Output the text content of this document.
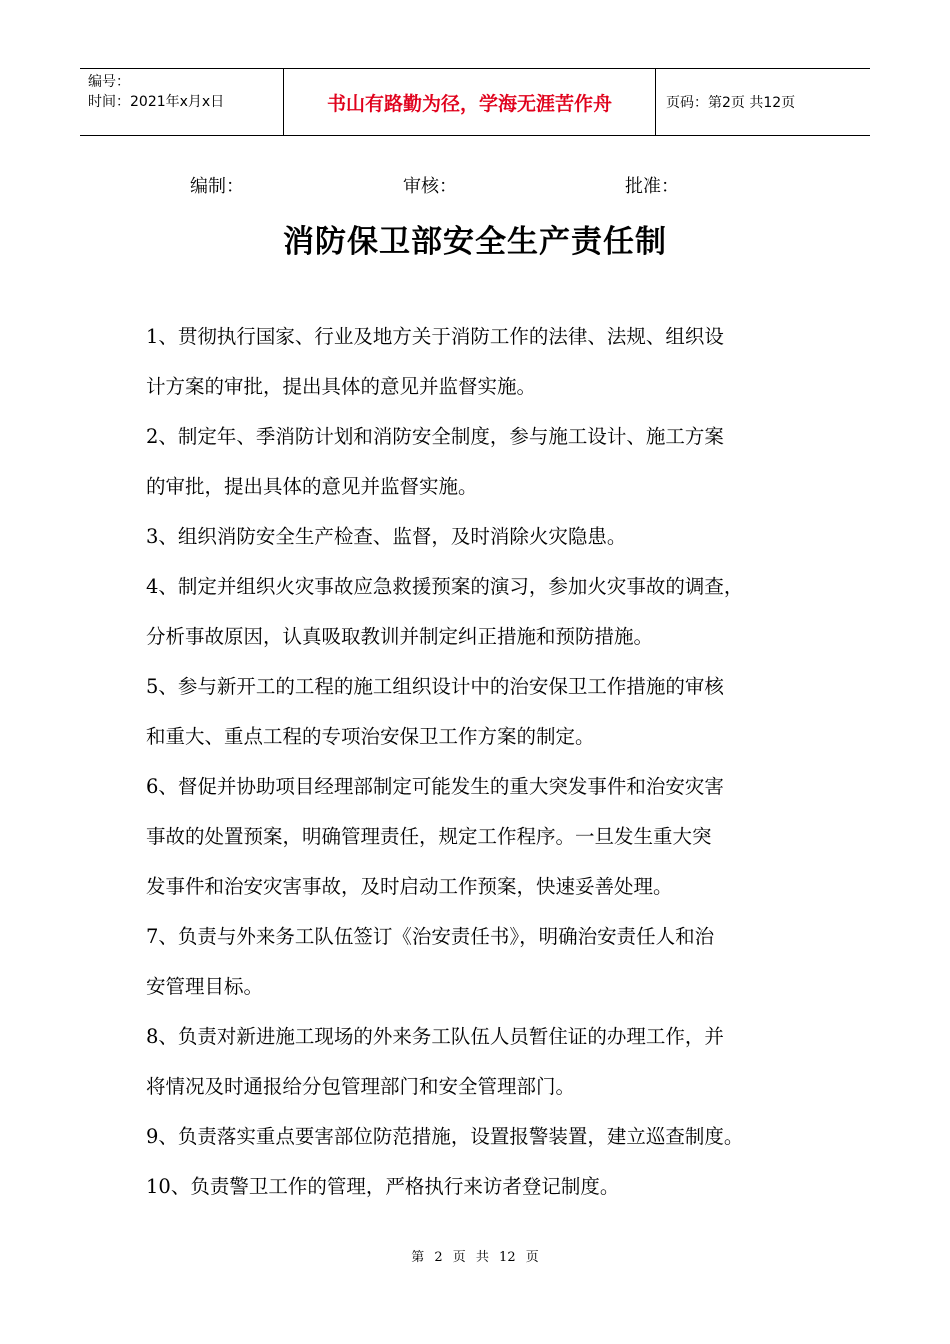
编号：
时间：2021年x月x日	书山有路勤为径，学海无涯苦作舟	页码：第2页 共12页
编制：	审核：	批准：
消防保卫部安全生产责任制
1、贯彻执行国家、行业及地方关于消防工作的法律、法规、组织设
计方案的审批，提出具体的意见并监督实施。
2、制定年、季消防计划和消防安全制度，参与施工设计、施工方案
的审批，提出具体的意见并监督实施。
3、组织消防安全生产检查、监督，及时消除火灾隐患。
4、制定并组织火灾事故应急救援预案的演习，参加火灾事故的调查，
分析事故原因，认真吸取教训并制定纠正措施和预防措施。
5、参与新开工的工程的施工组织设计中的治安保卫工作措施的审核
和重大、重点工程的专项治安保卫工作方案的制定。
6、督促并协助项目经理部制定可能发生的重大突发事件和治安灾害
事故的处置预案，明确管理责任，规定工作程序。一旦发生重大突
发事件和治安灾害事故，及时启动工作预案，快速妥善处理。
7、负责与外来务工队伍签订《治安责任书》，明确治安责任人和治
安管理目标。
8、负责对新进施工现场的外来务工队伍人员暂住证的办理工作，并
将情况及时通报给分包管理部门和安全管理部门。
9、负责落实重点要害部位防范措施，设置报警装置，建立巡查制度。
10、负责警卫工作的管理，严格执行来访者登记制度。
第 2 页 共 12 页
